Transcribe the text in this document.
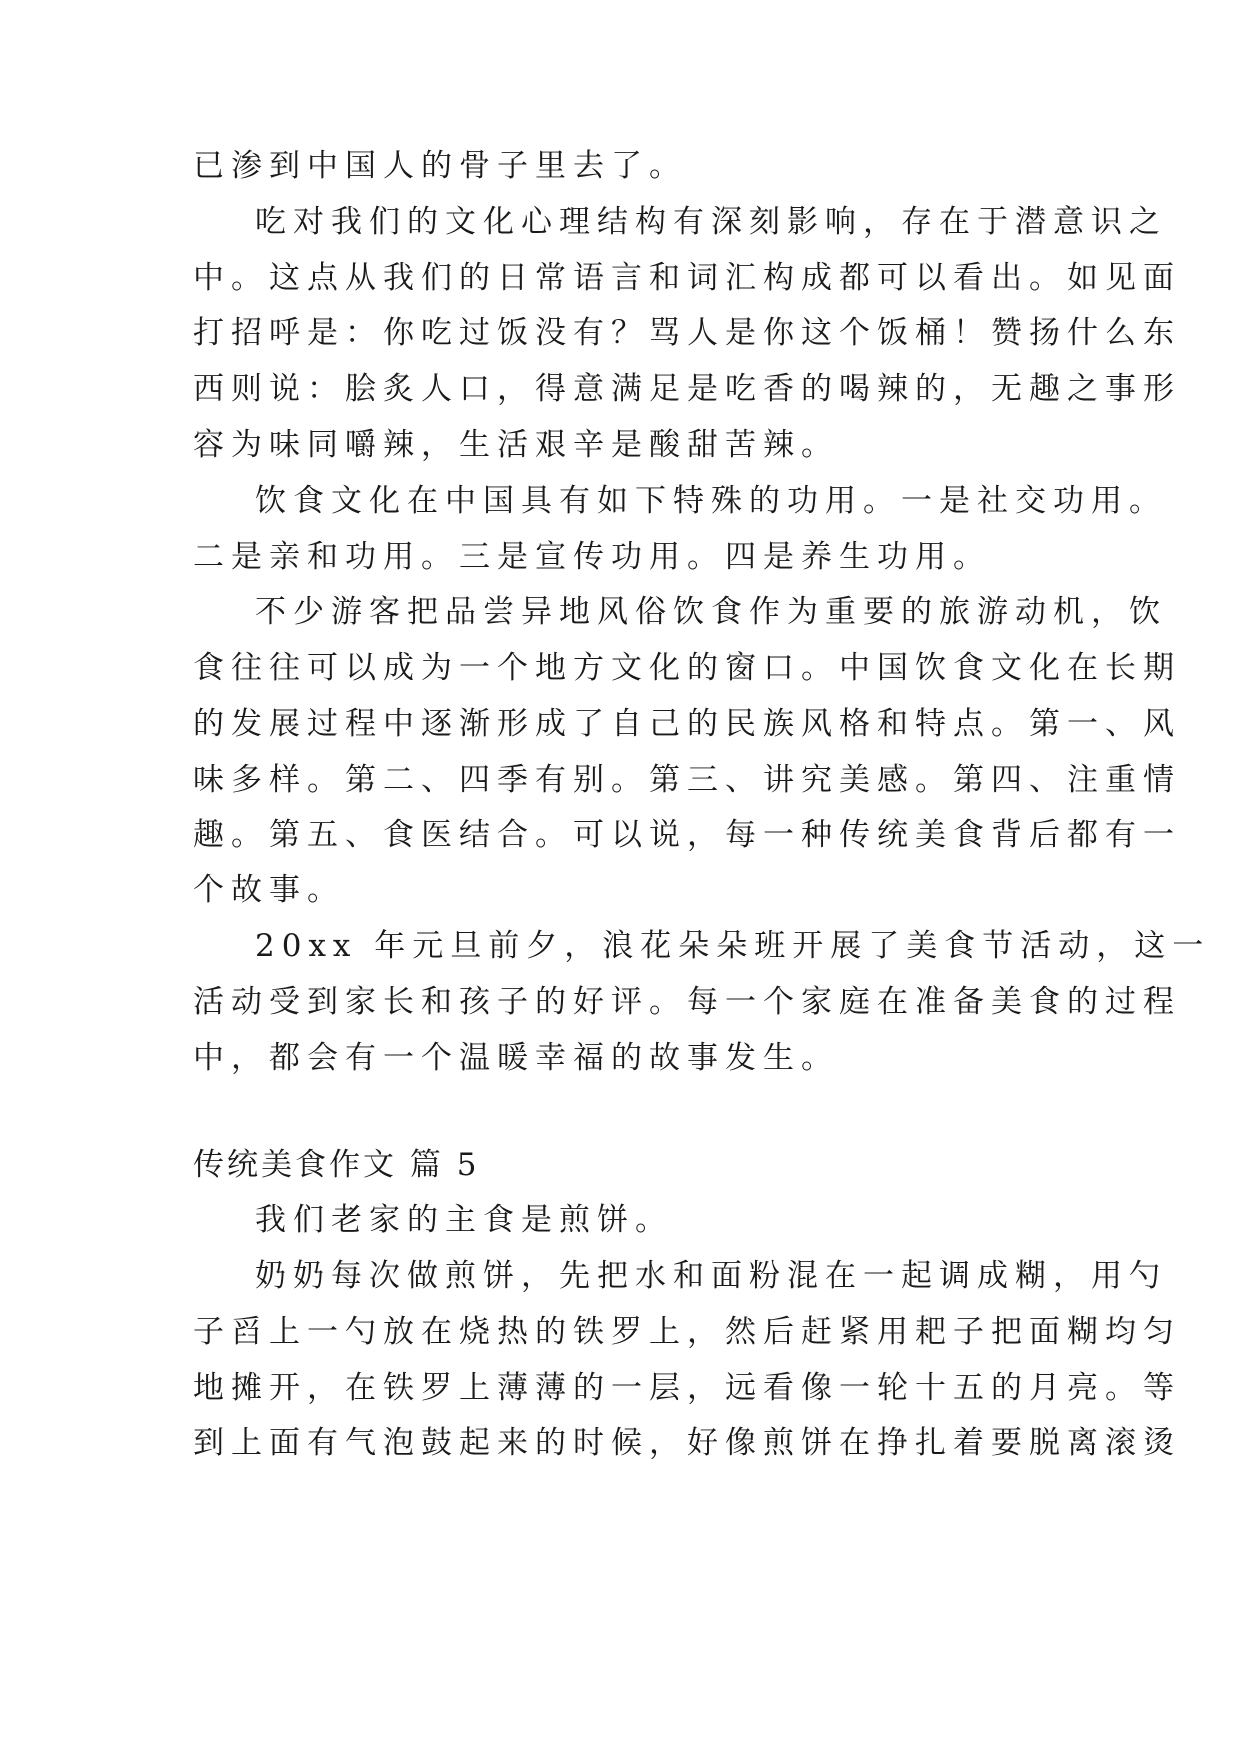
已渗到中国人的骨子里去了。
吃对我们的文化心理结构有深刻影响，存在于潜意识之
中。这点从我们的日常语言和词汇构成都可以看出。如见面
打招呼是：你吃过饭没有？骂人是你这个饭桶！赞扬什么东
西则说：脍炙人口，得意满足是吃香的喝辣的，无趣之事形
容为味同嚼辣，生活艰辛是酸甜苦辣。
饮食文化在中国具有如下特殊的功用。一是社交功用。
二是亲和功用。三是宣传功用。四是养生功用。
不少游客把品尝异地风俗饮食作为重要的旅游动机，饮
食往往可以成为一个地方文化的窗口。中国饮食文化在长期
的发展过程中逐渐形成了自己的民族风格和特点。第一、风
味多样。第二、四季有别。第三、讲究美感。第四、注重情
趣。第五、食医结合。可以说，每一种传统美食背后都有一
个故事。
20xx 年元旦前夕，浪花朵朵班开展了美食节活动，这一
活动受到家长和孩子的好评。每一个家庭在准备美食的过程
中，都会有一个温暖幸福的故事发生。
传统美食作文 篇 5
我们老家的主食是煎饼。
奶奶每次做煎饼，先把水和面粉混在一起调成糊，用勺
子舀上一勺放在烧热的铁罗上，然后赶紧用耙子把面糊均匀
地摊开，在铁罗上薄薄的一层，远看像一轮十五的月亮。等
到上面有气泡鼓起来的时候，好像煎饼在挣扎着要脱离滚烫
